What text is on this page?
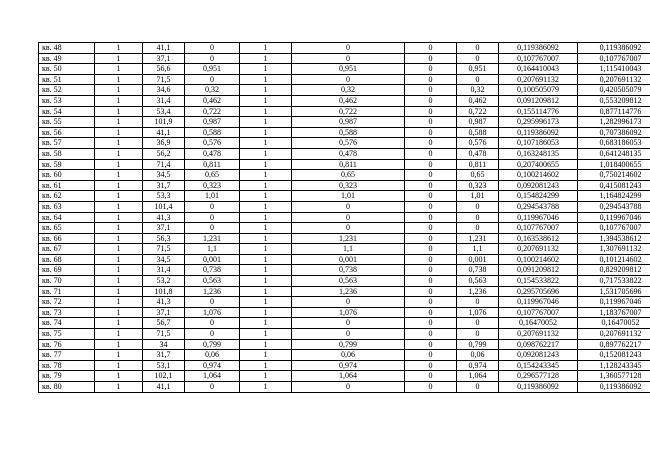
кв. 48	1	41,1	0	1	0	0	0	0,119386092	0,119386092
кв. 49	1	37,1	0	1	0	0	0	0,107767007	0,107767007
кв. 50	1	56,6	0,951	1	0,951	0	0,951	0,164410043	1,115410043
кв. 51	1	71,5	0	1	0	0	0	0,207691132	0,207691132
кв. 52	1	34,6	0,32	1	0,32	0	0,32	0,100505079	0,420505079
кв. 53	1	31,4	0,462	1	0,462	0	0,462	0,091209812	0,553209812
кв. 54	1	53,4	0,722	1	0,722	0	0,722	0,155114776	0,877114776
кв. 55	1	101,9	0,987	1	0,987	0	0,987	0,295996173	1,282996173
кв. 56	1	41,1	0,588	1	0,588	0	0,588	0,119386092	0,707386092
кв. 57	1	36,9	0,576	1	0,576	0	0,576	0,107186053	0,683186053
кв. 58	1	56,2	0,478	1	0,478	0	0,478	0,163248135	0,641248135
кв. 59	1	71,4	0,811	1	0,811	0	0,811	0,207400655	1,018400655
кв. 60	1	34,5	0,65	1	0,65	0	0,65	0,100214602	0,750214602
кв. 61	1	31,7	0,323	1	0,323	0	0,323	0,092081243	0,415081243
кв. 62	1	53,3	1,01	1	1,01	0	1,01	0,154824299	1,164824299
кв. 63	1	101,4	0	1	0	0	0	0,294543788	0,294543788
кв. 64	1	41,3	0	1	0	0	0	0,119967046	0,119967046
кв. 65	1	37,1	0	1	0	0	0	0,107767007	0,107767007
кв. 66	1	56,3	1,231	1	1,231	0	1,231	0,163538612	1,394538612
кв. 67	1	71,5	1,1	1	1,1	0	1,1	0,207691132	1,307691132
кв. 68	1	34,5	0,001	1	0,001	0	0,001	0,100214602	0,101214602
кв. 69	1	31,4	0,738	1	0,738	0	0,738	0,091209812	0,829209812
кв. 70	1	53,2	0,563	1	0,563	0	0,563	0,154533822	0,717533822
кв. 71	1	101,8	1,236	1	1,236	0	1,236	0,295705696	1,531705696
кв. 72	1	41,3	0	1	0	0	0	0,119967046	0,119967046
кв. 73	1	37,1	1,076	1	1,076	0	1,076	0,107767007	1,183767007
кв. 74	1	56,7	0	1	0	0	0	0,16470052	0,16470052
кв. 75	1	71,5	0	1	0	0	0	0,207691132	0,207691132
кв. 76	1	34	0,799	1	0,799	0	0,799	0,098762217	0,897762217
кв. 77	1	31,7	0,06	1	0,06	0	0,06	0,092081243	0,152081243
кв. 78	1	53,1	0,974	1	0,974	0	0,974	0,154243345	1,128243345
кв. 79	1	102,1	1,064	1	1,064	0	1,064	0,296577128	1,360577128
кв. 80	1	41,1	0	1	0	0	0	0,119386092	0,119386092
